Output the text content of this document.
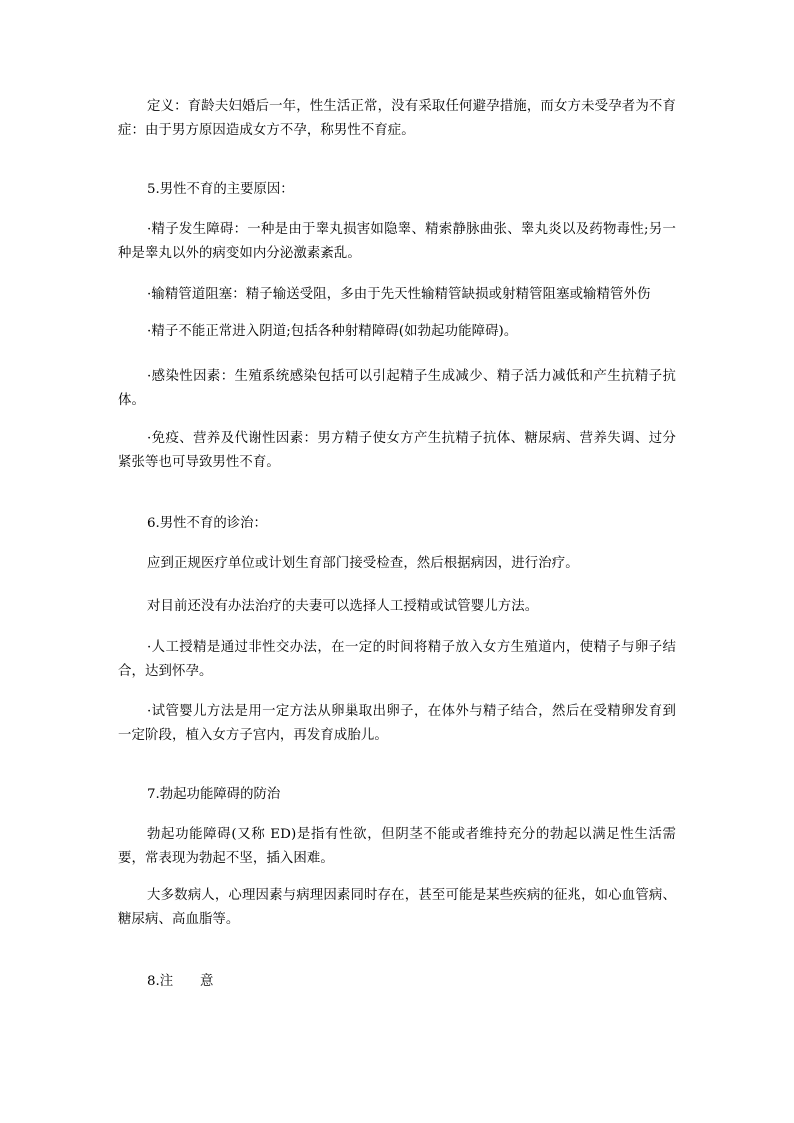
定义：育龄夫妇婚后一年，性生活正常，没有采取任何避孕措施，而女方未受孕者为不育症：由于男方原因造成女方不孕，称男性不育症。

5.男性不育的主要原因：

·精子发生障碍：一种是由于睾丸损害如隐睾、精索静脉曲张、睾丸炎以及药物毒性;另一种是睾丸以外的病变如内分泌激素紊乱。

·输精管道阻塞：精子输送受阻，多由于先天性输精管缺损或射精管阻塞或输精管外伤

·精子不能正常进入阴道;包括各种射精障碍(如勃起功能障碍)。

·感染性因素：生殖系统感染包括可以引起精子生成减少、精子活力减低和产生抗精子抗体。

·免疫、营养及代谢性因素：男方精子使女方产生抗精子抗体、糖尿病、营养失调、过分紧张等也可导致男性不育。

6.男性不育的诊治：

应到正规医疗单位或计划生育部门接受检查，然后根据病因，进行治疗。

对目前还没有办法治疗的夫妻可以选择人工授精或试管婴儿方法。

·人工授精是通过非性交办法，在一定的时间将精子放入女方生殖道内，使精子与卵子结合，达到怀孕。

·试管婴儿方法是用一定方法从卵巢取出卵子，在体外与精子结合，然后在受精卵发育到一定阶段，植入女方子宫内，再发育成胎儿。

7.勃起功能障碍的防治

勃起功能障碍(又称 ED)是指有性欲，但阴茎不能或者维持充分的勃起以满足性生活需要，常表现为勃起不坚，插入困难。

大多数病人，心理因素与病理因素同时存在，甚至可能是某些疾病的征兆，如心血管病、糖尿病、高血脂等。

8.注　　意
